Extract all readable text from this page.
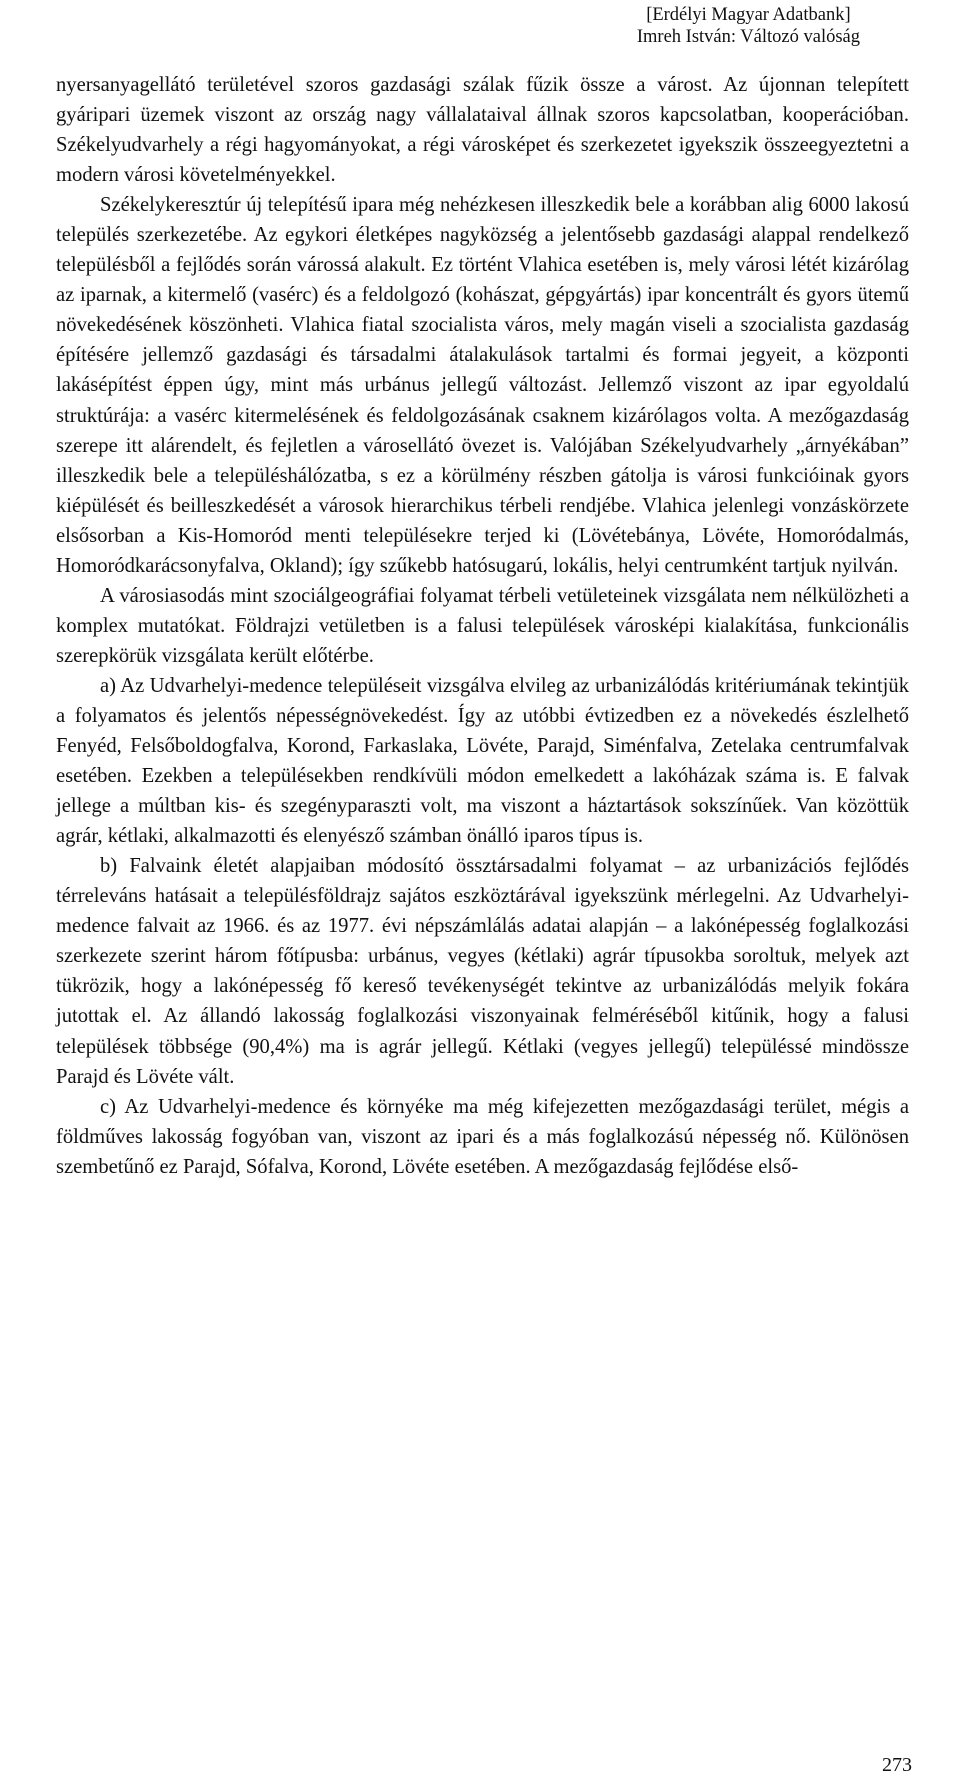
[Erdélyi Magyar Adatbank]
Imreh István: Változó valóság

nyersanyagellátó területével szoros gazdasági szálak fűzik össze a várost. Az újonnan telepített gyáripari üzemek viszont az ország nagy vállalataival állnak szoros kapcsolatban, kooperációban. Székelyudvarhely a régi hagyományokat, a régi városképet és szerkezetet igyekszik összeegyeztetni a modern városi követelményekkel.

Székelykeresztúr új telepítésű ipara még nehézkesen illeszkedik bele a korábban alig 6000 lakosú település szerkezetébe. Az egykori életképes nagyközség a jelentősebb gazdasági alappal rendelkező településből a fejlődés során várossá alakult. Ez történt Vlahica esetében is, mely városi létét kizárólag az iparnak, a kitermelő (vasérc) és a feldolgozó (kohászat, gépgyártás) ipar koncentrált és gyors ütemű növekedésének köszönheti. Vlahica fiatal szocialista város, mely magán viseli a szocialista gazdaság építésére jellemző gazdasági és társadalmi átalakulások tartalmi és formai jegyeit, a központi lakásépítést éppen úgy, mint más urbánus jellegű változást. Jellemző viszont az ipar egyoldalú struktúrája: a vasérc kitermelésének és feldolgozásának csaknem kizárólagos volta. A mezőgazdaság szerepe itt alárendelt, és fejletlen a városellátó övezet is. Valójában Székelyudvarhely „árnyékában” illeszkedik bele a településhálózatba, s ez a körülmény részben gátolja is városi funkcióinak gyors kiépülését és beilleszkedését a városok hierarchikus térbeli rendjébe. Vlahica jelenlegi vonzáskörzete elsősorban a Kis-Homoród menti településekre terjed ki (Lövétebánya, Lövéte, Homoródalmás, Homoródkarácsonyfalva, Okland); így szűkebb hatósugarú, lokális, helyi centrumként tartjuk nyilván.

A városiasodás mint szociálgeográfiai folyamat térbeli vetületeinek vizsgálata nem nélkülözheti a komplex mutatókat. Földrajzi vetületben is a falusi települések városképi kialakítása, funkcionális szerepkörük vizsgálata került előtérbe.

a) Az Udvarhelyi-medence településeit vizsgálva elvileg az urbanizálódás kritériumának tekintjük a folyamatos és jelentős népességnövekedést. Így az utóbbi évtizedben ez a növekedés észlelhető Fenyéd, Felsőboldogfalva, Korond, Farkaslaka, Lövéte, Parajd, Siménfalva, Zetelaka centrumfalvak esetében. Ezekben a településekben rendkívüli módon emelkedett a lakóházak száma is. E falvak jellege a múltban kis- és szegényparaszti volt, ma viszont a háztartások sokszínűek. Van közöttük agrár, kétlaki, alkalmazotti és elenyésző számban önálló iparos típus is.

b) Falvaink életét alapjaiban módosító össztársadalmi folyamat – az urbanizációs fejlődés térreleváns hatásait a településföldrajz sajátos eszköztárával igyekszünk mérlegelni. Az Udvarhelyi-medence falvait az 1966. és az 1977. évi népszámlálás adatai alapján – a lakónépesség foglalkozási szerkezete szerint három főtípusba: urbánus, vegyes (kétlaki) agrár típusokba soroltuk, melyek azt tükrözik, hogy a lakónépesség fő kereső tevékenységét tekintve az urbanizálódás melyik fokára jutottak el. Az állandó lakosság foglalkozási viszonyainak felméréséből kitűnik, hogy a falusi települések többsége (90,4%) ma is agrár jellegű. Kétlaki (vegyes jellegű) településsé mindössze Parajd és Lövéte vált.

c) Az Udvarhelyi-medence és környéke ma még kifejezetten mezőgazdasági terület, mégis a földműves lakosság fogyóban van, viszont az ipari és a más foglalkozású népesség nő. Különösen szembetűnő ez Parajd, Sófalva, Korond, Lövéte esetében. A mezőgazdaság fejlődése első-

273
